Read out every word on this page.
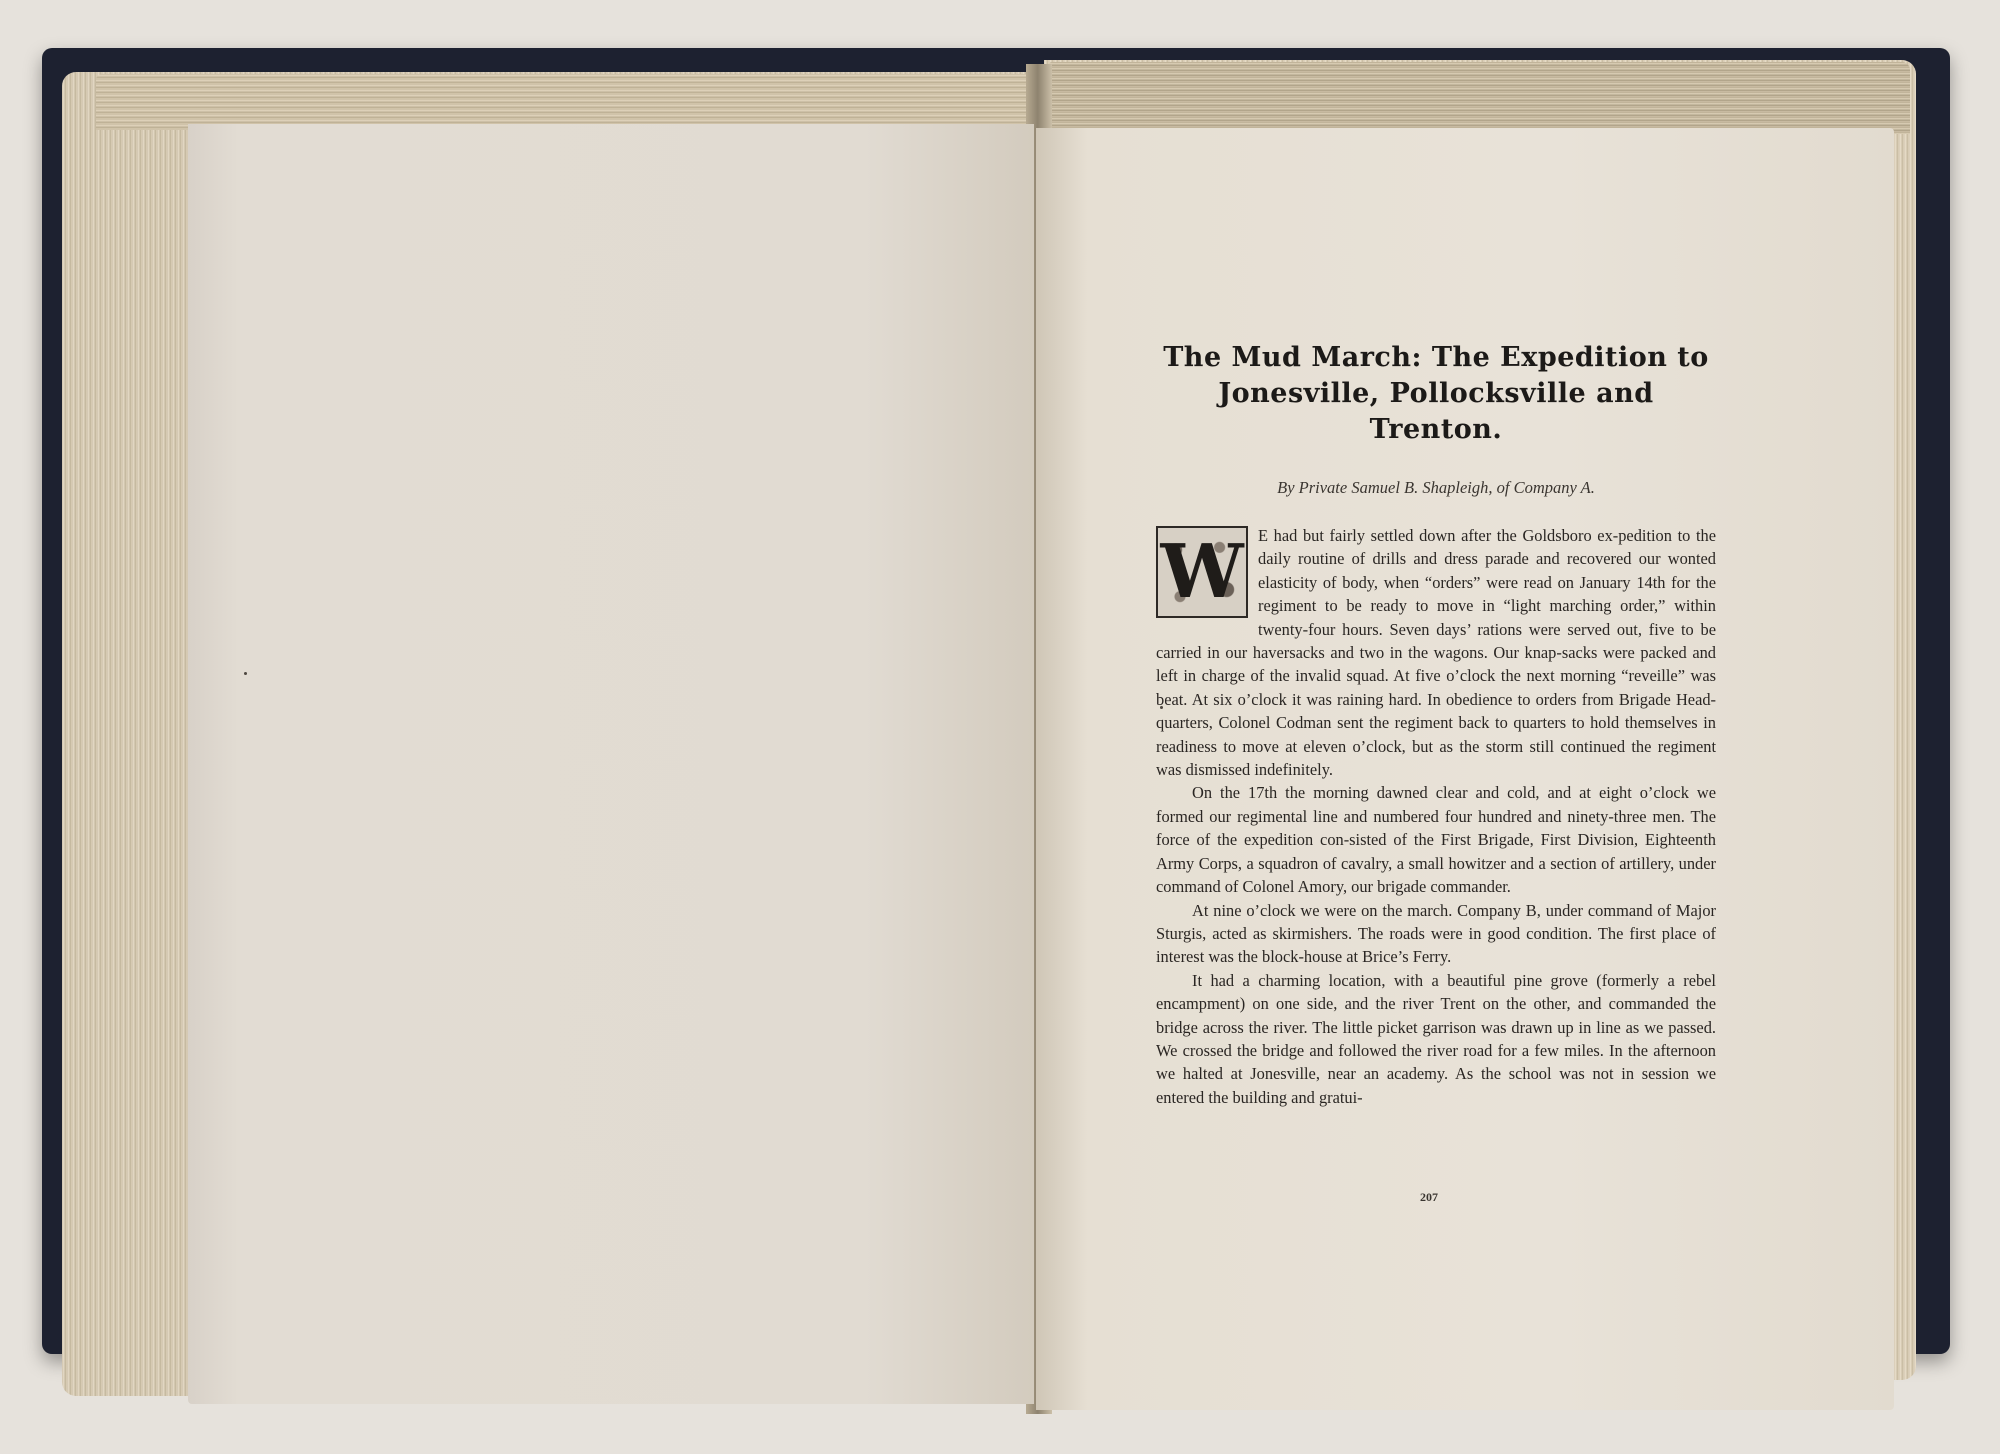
The Mud March: The Expedition to
Jonesville, Pollocksville and Trenton.
By Private Samuel B. Shapleigh, of Company A.

W E had but fairly settled down after the Goldsboro ex-pedition to the daily routine of drills and dress parade and recovered our wonted elasticity of body, when “orders” were read on January 14th for the regiment to be ready to move in “light marching order,” within twenty-four hours. Seven days’ rations were served out, five to be carried in our haversacks and two in the wagons. Our knap-sacks were packed and left in charge of the invalid squad. At five o’clock the next morning “reveille” was beat. At six o’clock it was raining hard. In obedience to orders from Brigade Head-quarters, Colonel Codman sent the regiment back to quarters to hold themselves in readiness to move at eleven o’clock, but as the storm still continued the regiment was dismissed indefinitely.

On the 17th the morning dawned clear and cold, and at eight o’clock we formed our regimental line and numbered four hundred and ninety-three men. The force of the expedition con-sisted of the First Brigade, First Division, Eighteenth Army Corps, a squadron of cavalry, a small howitzer and a section of artillery, under command of Colonel Amory, our brigade commander.

At nine o’clock we were on the march. Company B, under command of Major Sturgis, acted as skirmishers. The roads were in good condition. The first place of interest was the block-house at Brice’s Ferry.

It had a charming location, with a beautiful pine grove (formerly a rebel encampment) on one side, and the river Trent on the other, and commanded the bridge across the river. The little picket garrison was drawn up in line as we passed. We crossed the bridge and followed the river road for a few miles. In the afternoon we halted at Jonesville, near an academy. As the school was not in session we entered the building and gratui-

207
